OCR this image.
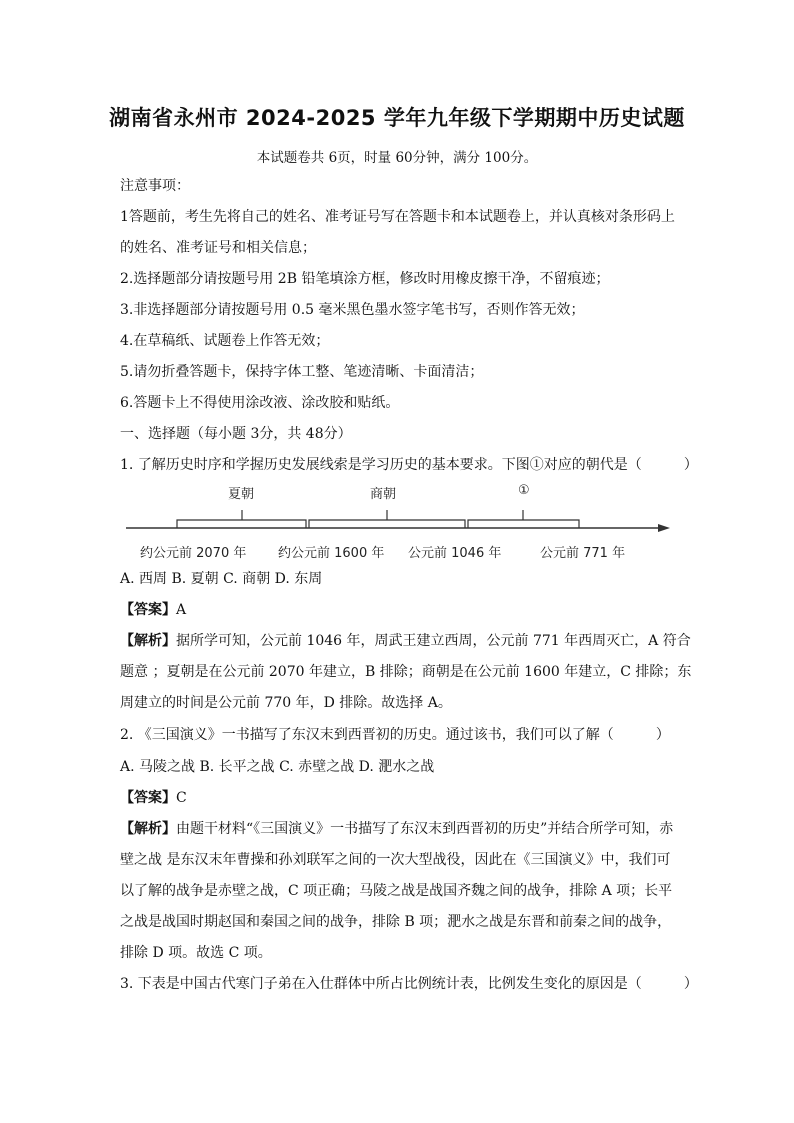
湖南省永州市 2024-2025 学年九年级下学期期中历史试题
本试题卷共 6页，时量 60分钟，满分 100分。
注意事项：
1答题前，考生先将自己的姓名、准考证号写在答题卡和本试题卷上，并认真核对条形码上
的姓名、准考证号和相关信息；
2.选择题部分请按题号用 2B 铅笔填涂方框，修改时用橡皮擦干净，不留痕迹；
3.非选择题部分请按题号用 0.5 毫米黑色墨水签字笔书写，否则作答无效；
4.在草稿纸、试题卷上作答无效；
5.请勿折叠答题卡，保持字体工整、笔迹清晰、卡面清洁；
6.答题卡上不得使用涂改液、涂改胶和贴纸。
一、选择题（每小题 3分，共 48分）
1. 了解历史时序和学握历史发展线索是学习历史的基本要求。下图①对应的朝代是（	）
夏朝	商朝	①
约公元前 2070 年 约公元前 1600 年 公元前 1046 年	公元前 771 年
A. 西周 B. 夏朝 C. 商朝 D. 东周
【答案】A
【解析】据所学可知，公元前 1046 年，周武王建立西周，公元前 771 年西周灭亡，A 符合
题意 ；夏朝是在公元前 2070 年建立，B 排除；商朝是在公元前 1600 年建立，C 排除；东
周建立的时间是公元前 770 年，D 排除。故选择 A。
2. 《三国演义》一书描写了东汉末到西晋初的历史。通过该书，我们可以了解（	）
A. 马陵之战 B. 长平之战 C. 赤壁之战 D. 淝水之战
【答案】C
【解析】由题干材料“《三国演义》一书描写了东汉末到西晋初的历史”并结合所学可知，赤
壁之战 是东汉末年曹操和孙刘联军之间的一次大型战役，因此在《三国演义》中，我们可
以了解的战争是赤壁之战，C 项正确；马陵之战是战国齐魏之间的战争，排除 A 项；长平
之战是战国时期赵国和秦国之间的战争，排除 B 项；淝水之战是东晋和前秦之间的战争，
排除 D 项。故选 C 项。
3. 下表是中国古代寒门子弟在入仕群体中所占比例统计表，比例发生变化的原因是（	）
